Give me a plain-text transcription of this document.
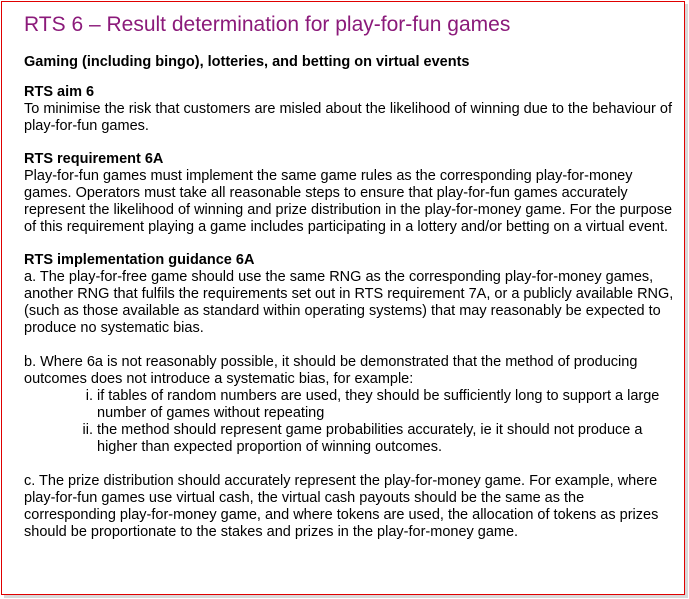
RTS 6 – Result determination for play-for-fun games

Gaming (including bingo), lotteries, and betting on virtual events

RTS aim 6

To minimise the risk that customers are misled about the likelihood of winning due to the behaviour of play-for-fun games.

RTS requirement 6A

Play-for-fun games must implement the same game rules as the corresponding play-for-money games. Operators must take all reasonable steps to ensure that play-for-fun games accurately represent the likelihood of winning and prize distribution in the play-for-money game. For the purpose of this requirement playing a game includes participating in a lottery and/or betting on a virtual event.

RTS implementation guidance 6A

a. The play-for-free game should use the same RNG as the corresponding play-for-money games, another RNG that fulfils the requirements set out in RTS requirement 7A, or a publicly available RNG, (such as those available as standard within operating systems) that may reasonably be expected to produce no systematic bias.

b. Where 6a is not reasonably possible, it should be demonstrated that the method of producing outcomes does not introduce a systematic bias, for example:

i. if tables of random numbers are used, they should be sufficiently long to support a large number of games without repeating
ii. the method should represent game probabilities accurately, ie it should not produce a higher than expected proportion of winning outcomes.

c. The prize distribution should accurately represent the play-for-money game. For example, where play-for-fun games use virtual cash, the virtual cash payouts should be the same as the corresponding play-for-money game, and where tokens are used, the allocation of tokens as prizes should be proportionate to the stakes and prizes in the play-for-money game.
